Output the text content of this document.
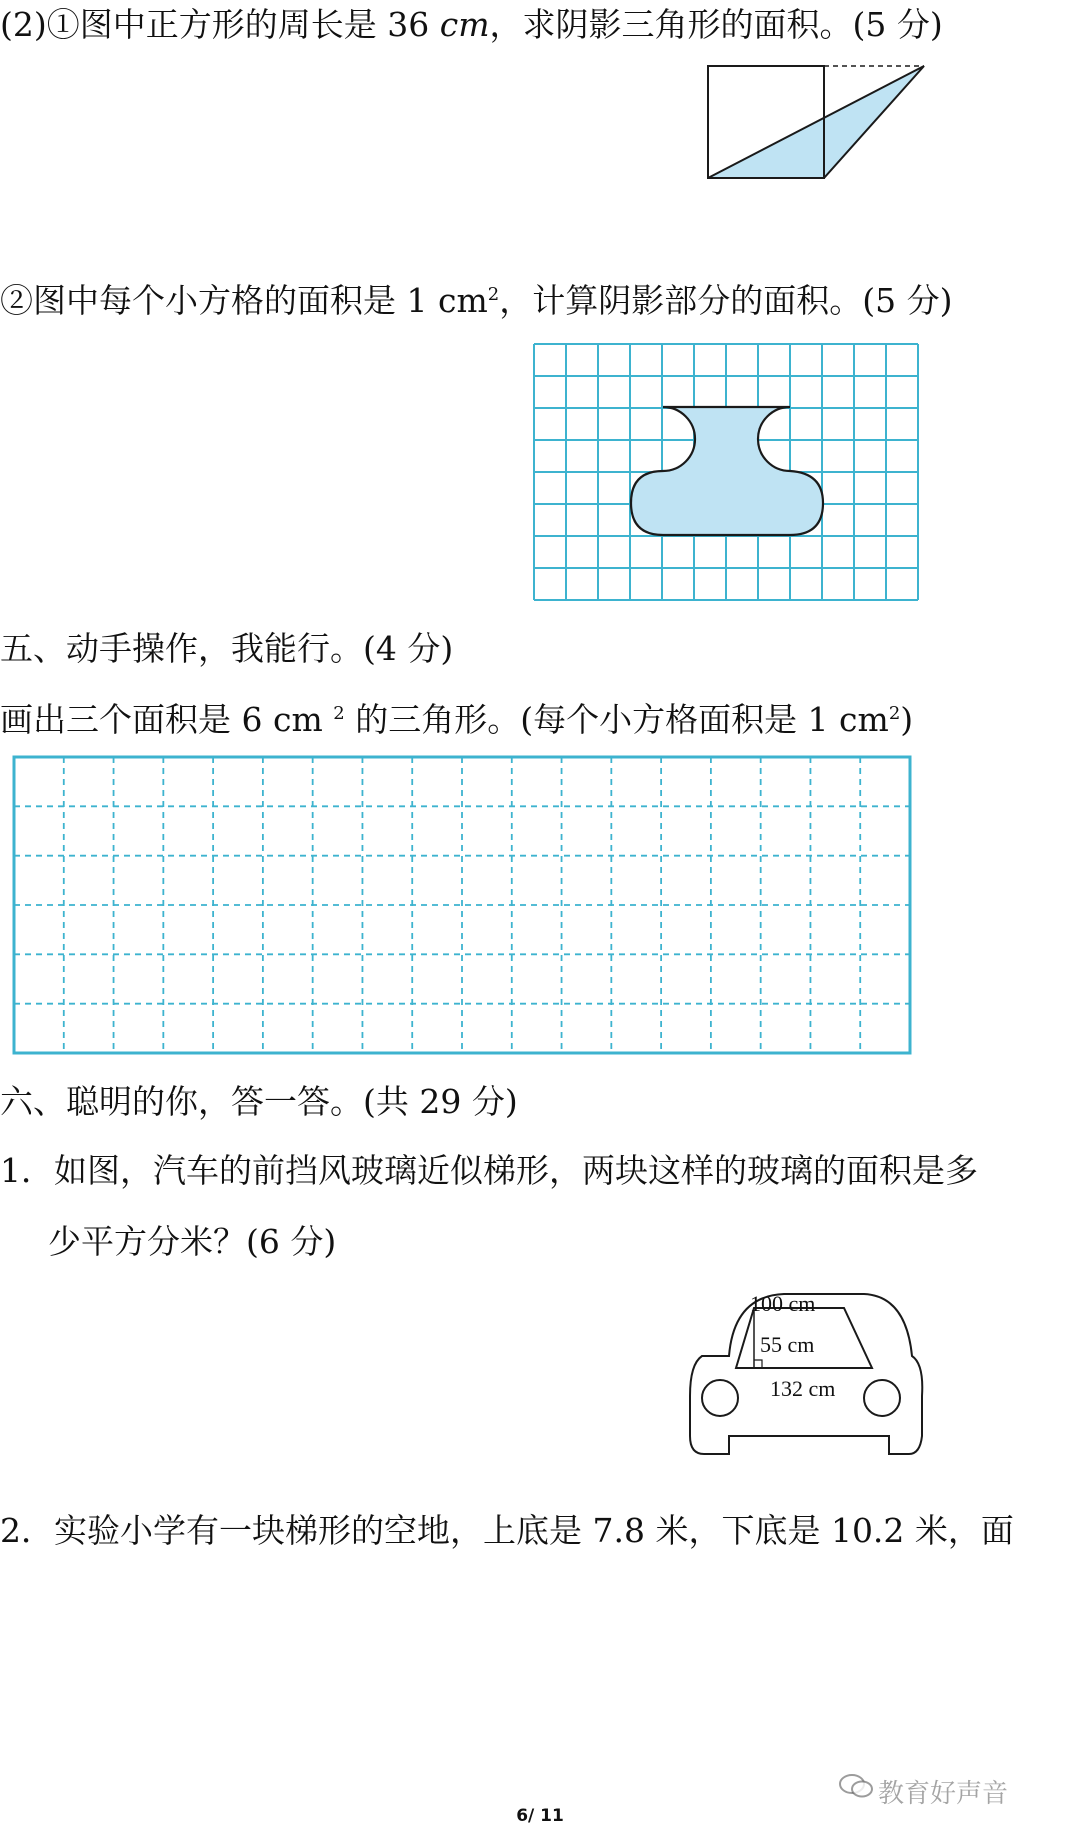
(2)①图中正方形的周长是 36 cm，求阴影三角形的面积。(5 分)
②图中每个小方格的面积是 1 $cm^2$，计算阴影部分的面积。(5 分)
五、动手操作，我能行。(4 分)
画出三个面积是 6 cm $^2$ 的三角形。(每个小方格面积是 1 $cm^2$)
六、聪明的你，答一答。(共 29 分)
1．如图，汽车的前挡风玻璃近似梯形，两块这样的玻璃的面积是多
少平方分米？(6 分)
100 cm
55 cm
132 cm
2．实验小学有一块梯形的空地，上底是 7.8 米，下底是 10.2 米，面
教育好声音
6/ 11
